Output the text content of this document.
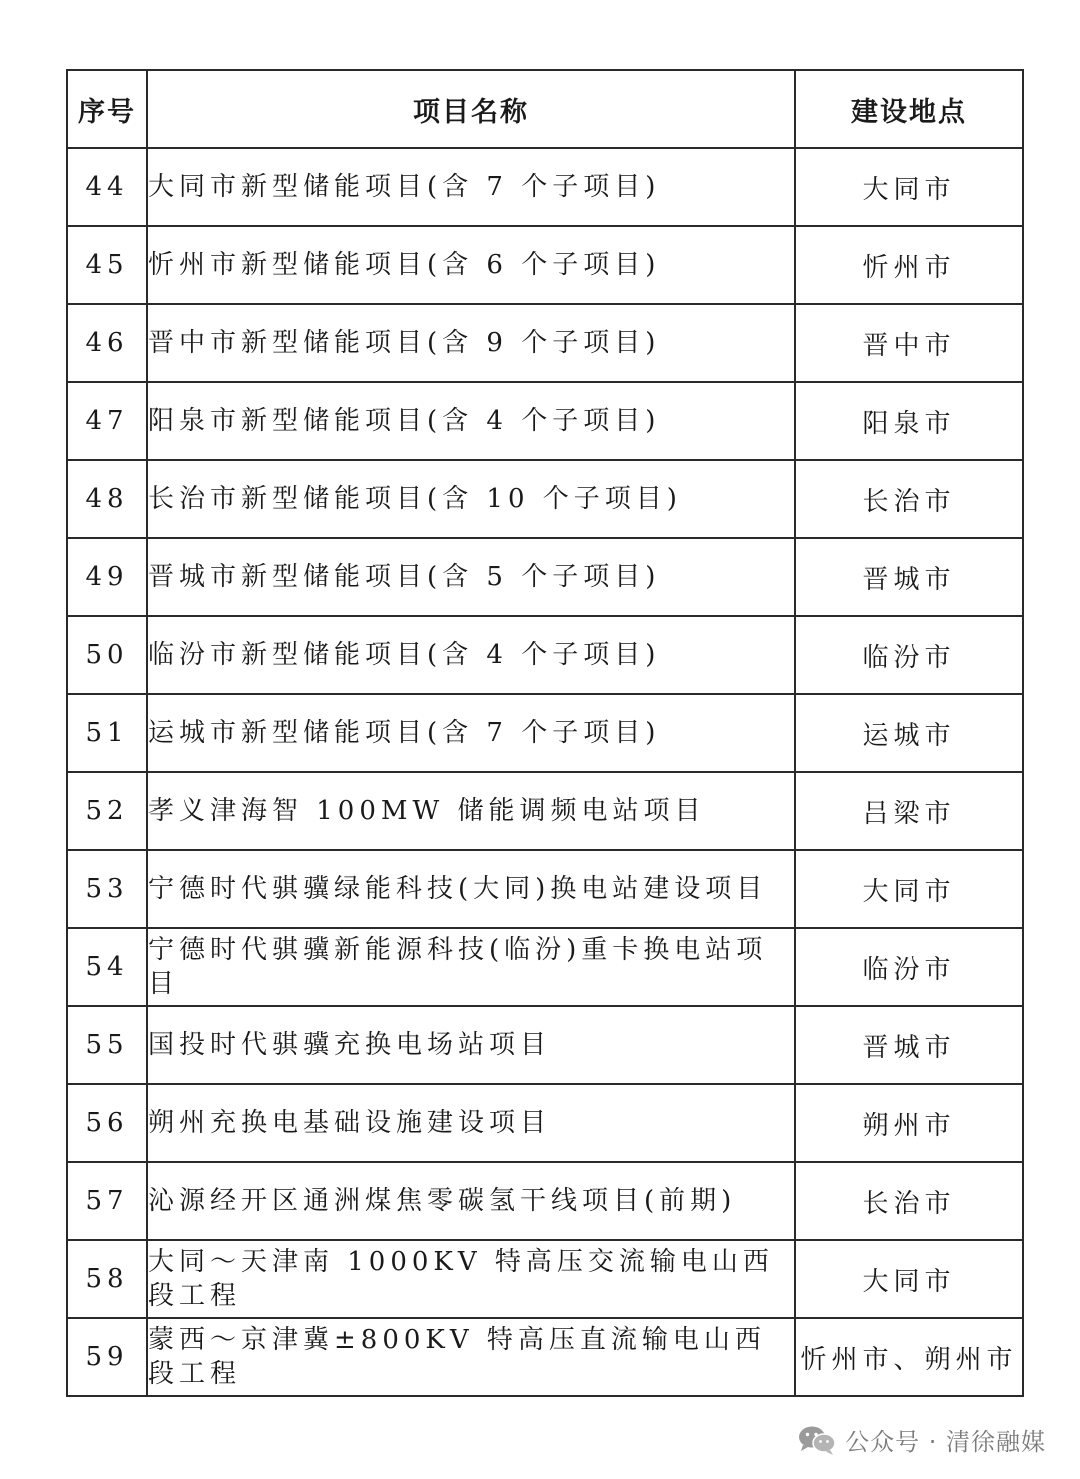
序号	项目名称	建设地点
44	大同市新型储能项目(含 7 个子项目)	大同市
45	忻州市新型储能项目(含 6 个子项目)	忻州市
46	晋中市新型储能项目(含 9 个子项目)	晋中市
47	阳泉市新型储能项目(含 4 个子项目)	阳泉市
48	长治市新型储能项目(含 10 个子项目)	长治市
49	晋城市新型储能项目(含 5 个子项目)	晋城市
50	临汾市新型储能项目(含 4 个子项目)	临汾市
51	运城市新型储能项目(含 7 个子项目)	运城市
52	孝义津海智 100MW 储能调频电站项目	吕梁市
53	宁德时代骐骥绿能科技(大同)换电站建设项目	大同市
54	宁德时代骐骥新能源科技(临汾)重卡换电站项目	临汾市
55	国投时代骐骥充换电场站项目	晋城市
56	朔州充换电基础设施建设项目	朔州市
57	沁源经开区通洲煤焦零碳氢干线项目(前期)	长治市
58	大同～天津南 1000KV 特高压交流输电山西段工程	大同市
59	蒙西～京津冀±800KV 特高压直流输电山西段工程	忻州市、朔州市
公众号 · 清徐融媒
